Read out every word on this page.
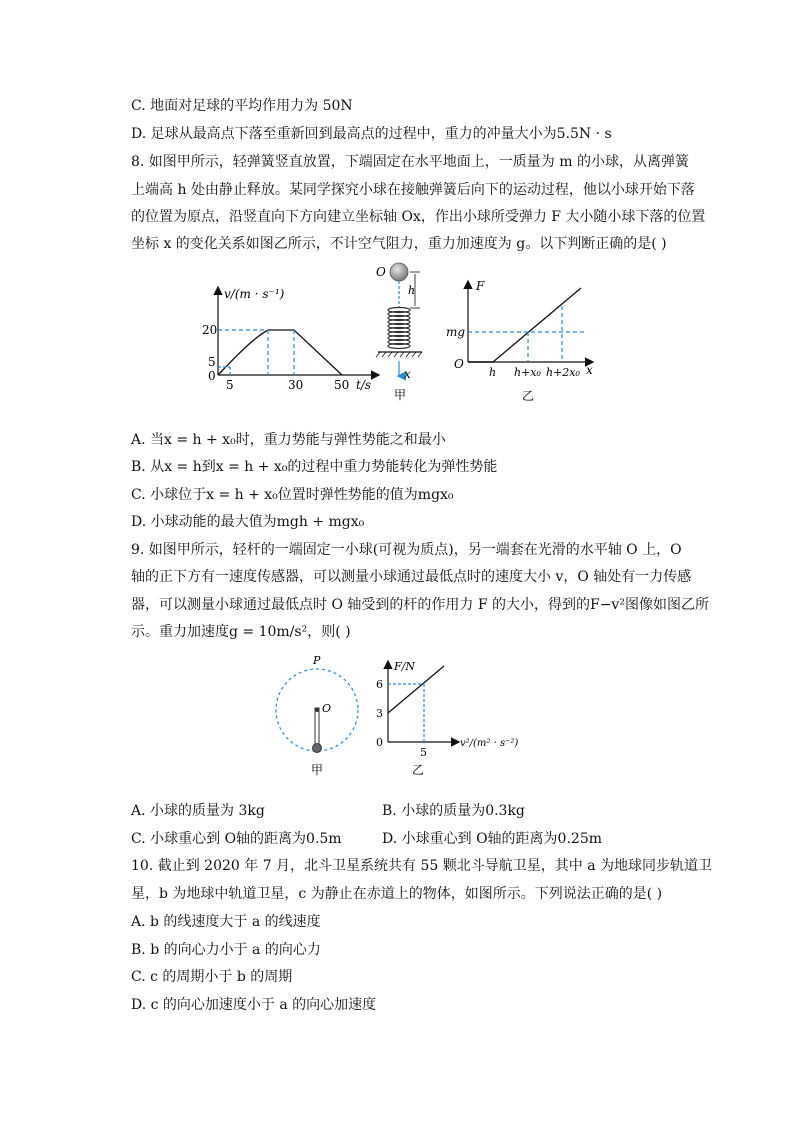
C. 地面对足球的平均作用力为 50N
D. 足球从最高点下落至重新回到最高点的过程中，重力的冲量大小为5.5N · s
8. 如图甲所示，轻弹簧竖直放置，下端固定在水平地面上，一质量为 m 的小球，从离弹簧
上端高 h 处由静止释放。某同学探究小球在接触弹簧后向下的运动过程，他以小球开始下落
的位置为原点，沿竖直向下方向建立坐标轴 Ox，作出小球所受弹力 F 大小随小球下落的位置
坐标 x 的变化关系如图乙所示，不计空气阻力，重力加速度为 g。以下判断正确的是( )
v/(m · s⁻¹)
20
5
0
5	30	50 t/s
O
h
x
甲
F
mg
O
h h+x₀ h+2x₀ x
乙
A. 当x = h + x₀时，重力势能与弹性势能之和最小
B. 从x = h到x = h + x₀的过程中重力势能转化为弹性势能
C. 小球位于x = h + x₀位置时弹性势能的值为mgx₀
D. 小球动能的最大值为mgh + mgx₀
9. 如图甲所示，轻杆的一端固定一小球(可视为质点)，另一端套在光滑的水平轴 O 上，O
轴的正下方有一速度传感器，可以测量小球通过最低点时的速度大小 v，O 轴处有一力传感
器，可以测量小球通过最低点时 O 轴受到的杆的作用力 F 的大小，得到的F−v²图像如图乙所
示。重力加速度g = 10m/s²，则( )
P
O
甲
F/N
6
3
0
5
v²/(m² · s⁻²)
乙
A. 小球的质量为 3kg	B. 小球的质量为0.3kg
C. 小球重心到 O轴的距离为0.5m	D. 小球重心到 O轴的距离为0.25m
10. 截止到 2020 年 7 月，北斗卫星系统共有 55 颗北斗导航卫星，其中 a 为地球同步轨道卫
星，b 为地球中轨道卫星，c 为静止在赤道上的物体，如图所示。下列说法正确的是( )
A. b 的线速度大于 a 的线速度
B. b 的向心力小于 a 的向心力
C. c 的周期小于 b 的周期
D. c 的向心加速度小于 a 的向心加速度
